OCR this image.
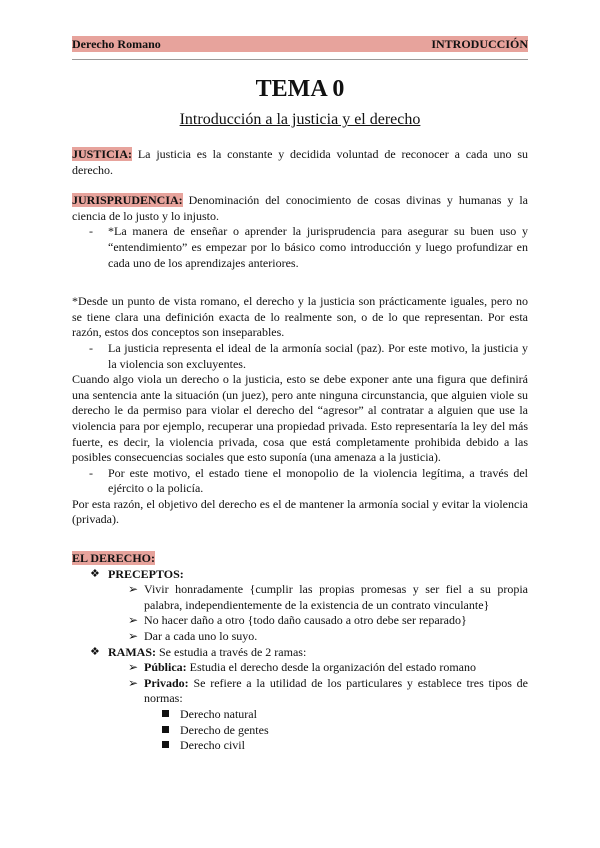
Derecho Romano	INTRODUCCIÓN
TEMA 0
Introducción a la justicia y el derecho

JUSTICIA: La justicia es la constante y decidida voluntad de reconocer a cada uno su derecho.

JURISPRUDENCIA: Denominación del conocimiento de cosas divinas y humanas y la ciencia de lo justo y lo injusto.

- *La manera de enseñar o aprender la jurisprudencia para asegurar su buen uso y “entendimiento” es empezar por lo básico como introducción y luego profundizar en cada uno de los aprendizajes anteriores.

*Desde un punto de vista romano, el derecho y la justicia son prácticamente iguales, pero no se tiene clara una definición exacta de lo realmente son, o de lo que representan. Por esta razón, estos dos conceptos son inseparables.

- La justicia representa el ideal de la armonía social (paz). Por este motivo, la justicia y la violencia son excluyentes.

Cuando algo viola un derecho o la justicia, esto se debe exponer ante una figura que definirá una sentencia ante la situación (un juez), pero ante ninguna circunstancia, que alguien viole su derecho le da permiso para violar el derecho del “agresor” al contratar a alguien que use la violencia para por ejemplo, recuperar una propiedad privada. Esto representaría la ley del más fuerte, es decir, la violencia privada, cosa que está completamente prohibida debido a las posibles consecuencias sociales que esto suponía (una amenaza a la justicia).

- Por este motivo, el estado tiene el monopolio de la violencia legítima, a través del ejército o la policía.

Por esta razón, el objetivo del derecho es el de mantener la armonía social y evitar la violencia (privada).

EL DERECHO:

❖ PRECEPTOS:
➢ Vivir honradamente {cumplir las propias promesas y ser fiel a su propia palabra, independientemente de la existencia de un contrato vinculante}
➢ No hacer daño a otro {todo daño causado a otro debe ser reparado}
➢ Dar a cada uno lo suyo.
❖ RAMAS: Se estudia a través de 2 ramas:
➢ Pública: Estudia el derecho desde la organización del estado romano
➢ Privado: Se refiere a la utilidad de los particulares y establece tres tipos de normas:
Derecho natural
Derecho de gentes
Derecho civil
